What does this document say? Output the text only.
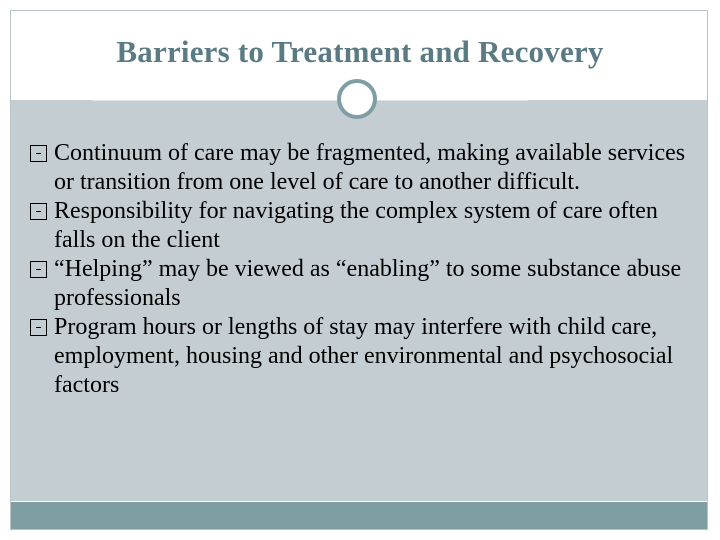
Barriers to Treatment and Recovery
Continuum of care may be fragmented, making available services or transition from one level of care to another difficult.
Responsibility for navigating the complex system of care often falls on the client
“Helping” may be viewed as “enabling” to some substance abuse professionals
Program hours or lengths of stay may interfere with child care, employment, housing and other environmental and psychosocial factors
